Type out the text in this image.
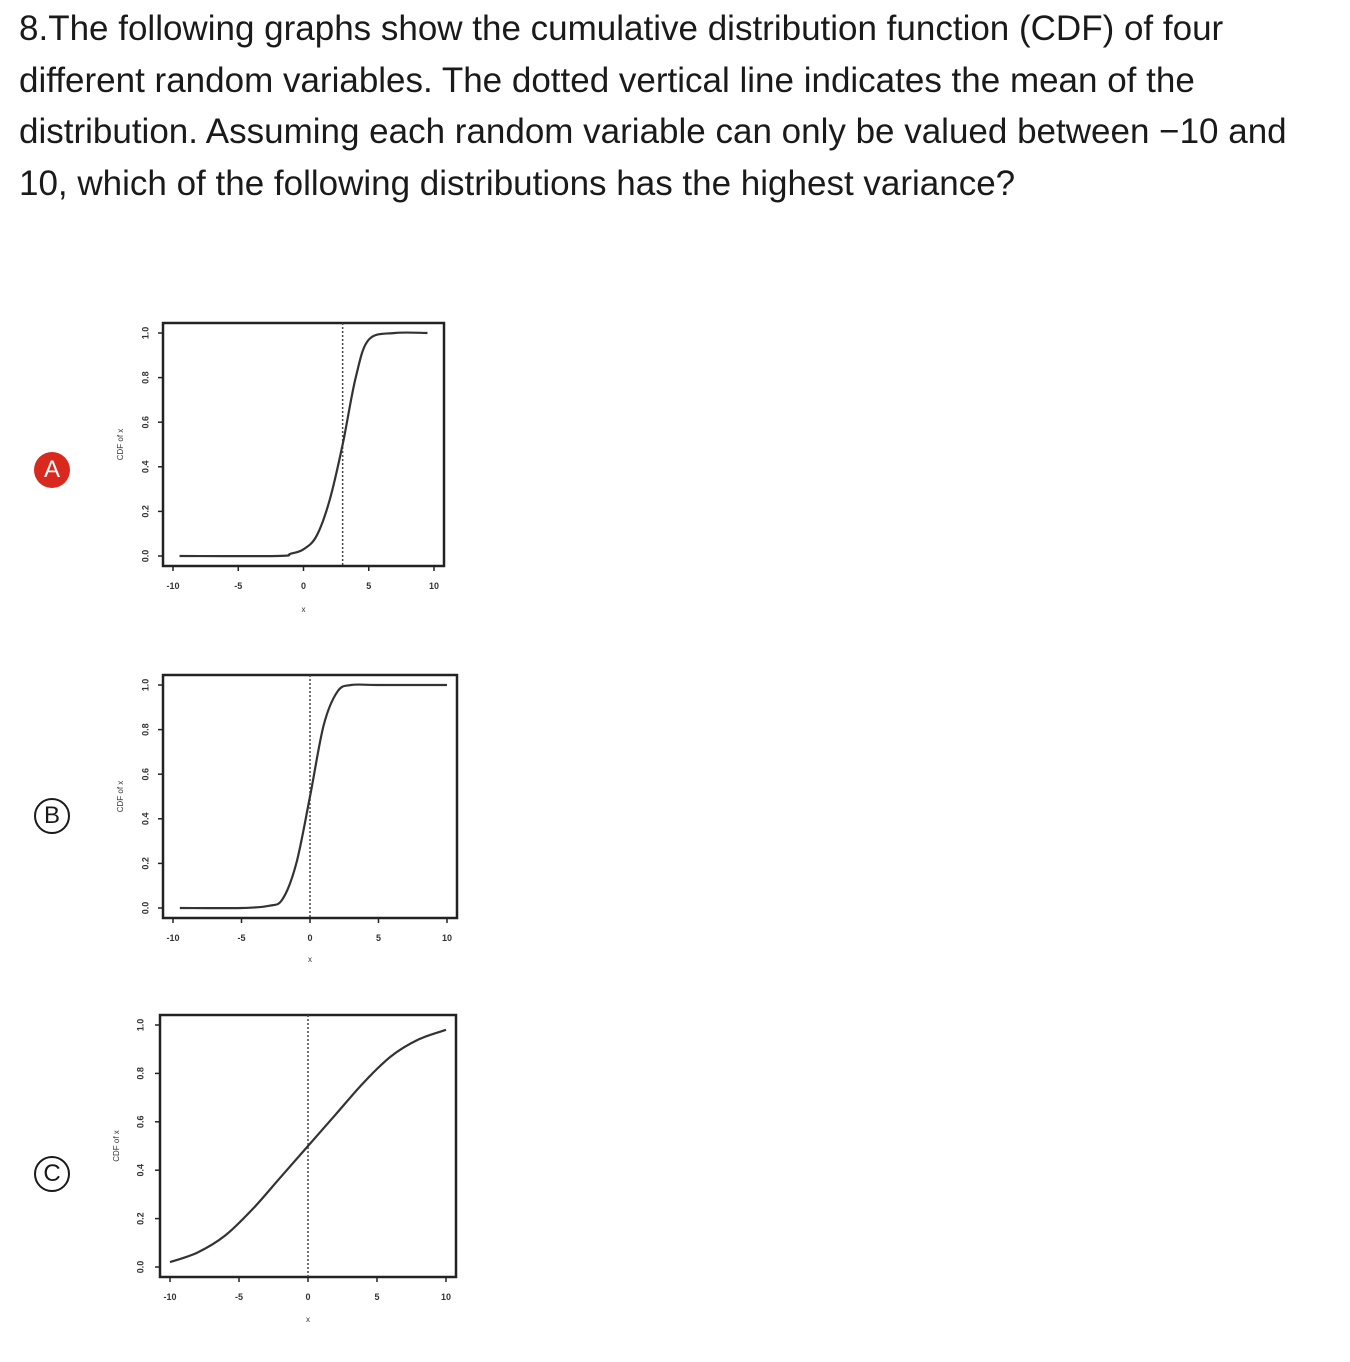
8.The following graphs show the cumulative distribution function (CDF) of four different random variables. The dotted vertical line indicates the mean of the distribution. Assuming each random variable can only be valued between −10 and 10, which of the following distributions has the highest variance?

A
B
C
-10	-5	0	5	10
0.0
0.2
0.4
0.6
0.8
1.0
x
CDF of x
-10	-5	0	5	10
0.0
0.2
0.4
0.6
0.8
1.0
x
CDF of x
-10	-5	0	5	10
0.0
0.2
0.4
0.6
0.8
1.0
x
CDF of x
